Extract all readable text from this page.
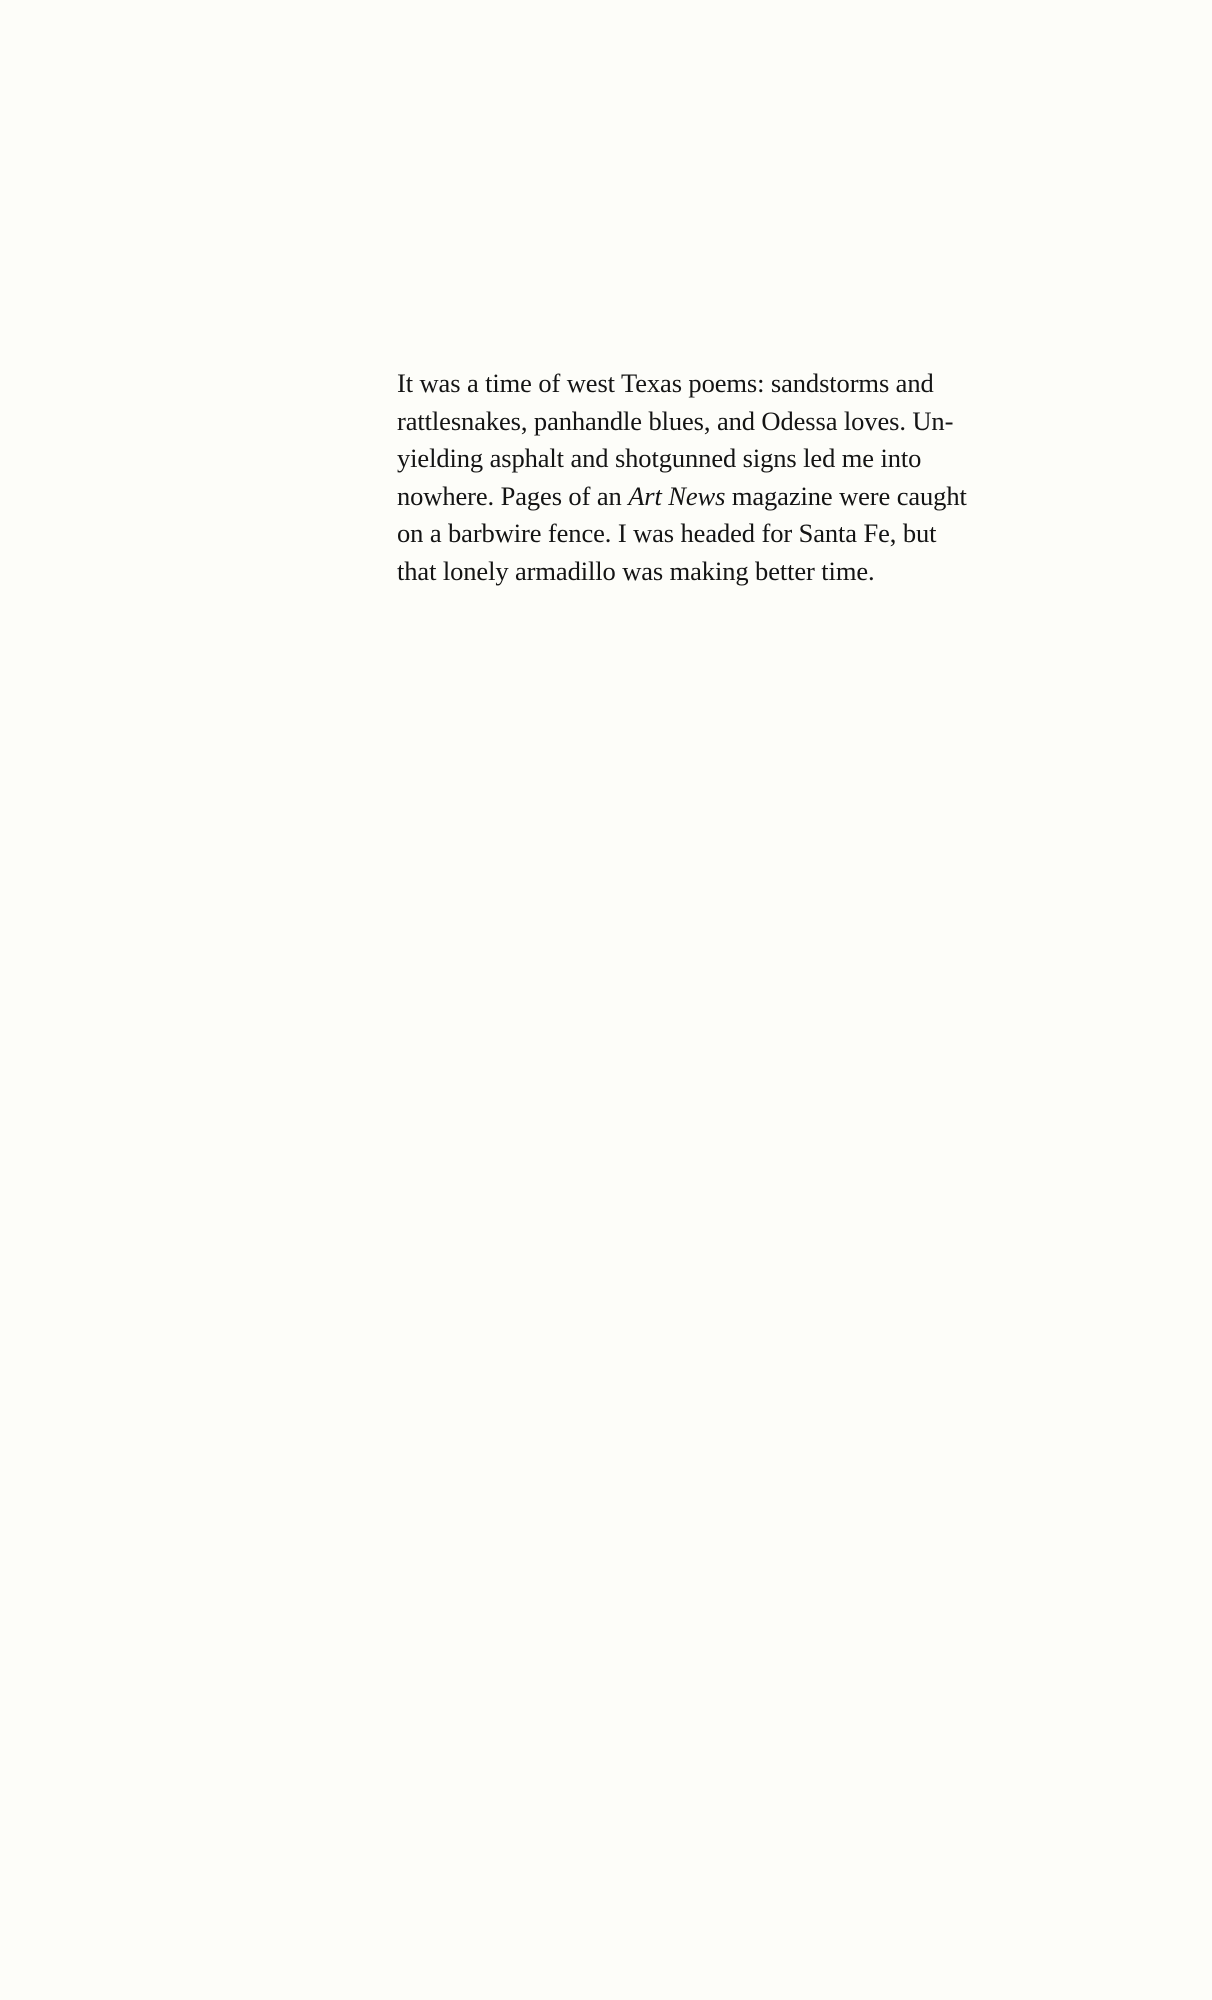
It was a time of west Texas poems: sandstorms and
rattlesnakes, panhandle blues, and Odessa loves. Un-
yielding asphalt and shotgunned signs led me into
nowhere. Pages of an Art News magazine were caught
on a barbwire fence. I was headed for Santa Fe, but
that lonely armadillo was making better time.
